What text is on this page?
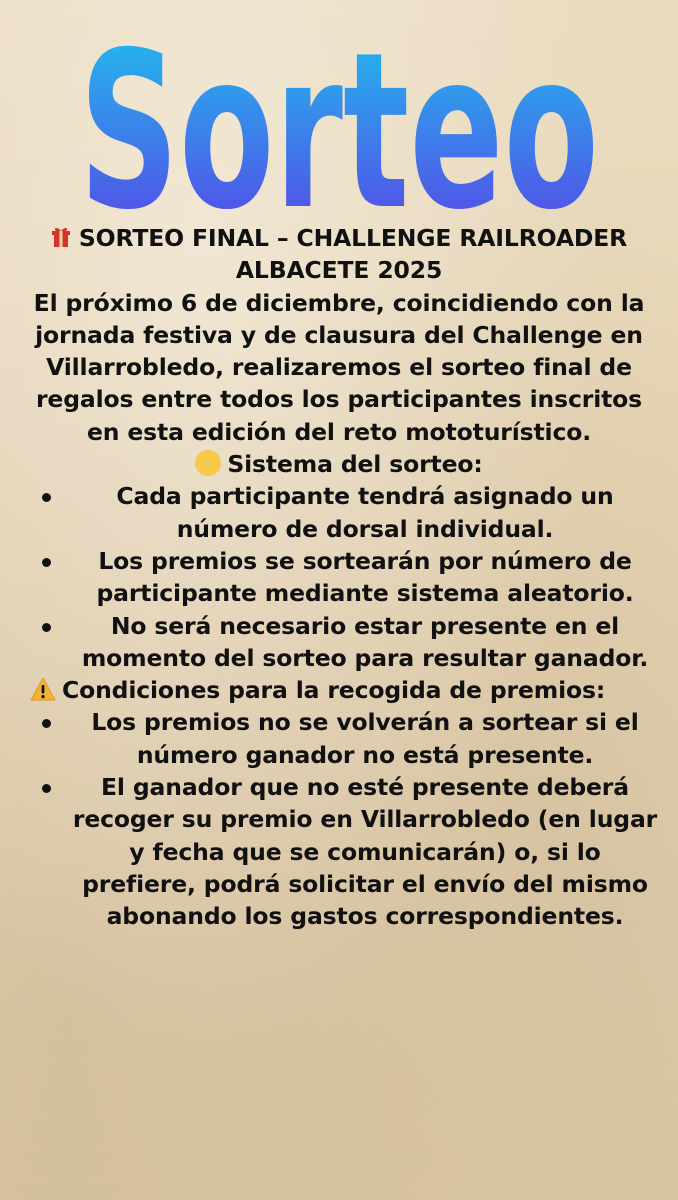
Sorteo

SORTEO FINAL – CHALLENGE RAILROADER ALBACETE 2025

El próximo 6 de diciembre, coincidiendo con la jornada festiva y de clausura del Challenge en Villarrobledo, realizaremos el sorteo final de regalos entre todos los participantes inscritos en esta edición del reto mototurístico.

Sistema del sorteo:

Cada participante tendrá asignado un número de dorsal individual.
Los premios se sortearán por número de participante mediante sistema aleatorio.
No será necesario estar presente en el momento del sorteo para resultar ganador.

Condiciones para la recogida de premios:

Los premios no se volverán a sortear si el número ganador no está presente.
El ganador que no esté presente deberá recoger su premio en Villarrobledo (en lugar y fecha que se comunicarán) o, si lo prefiere, podrá solicitar el envío del mismo abonando los gastos correspondientes.
